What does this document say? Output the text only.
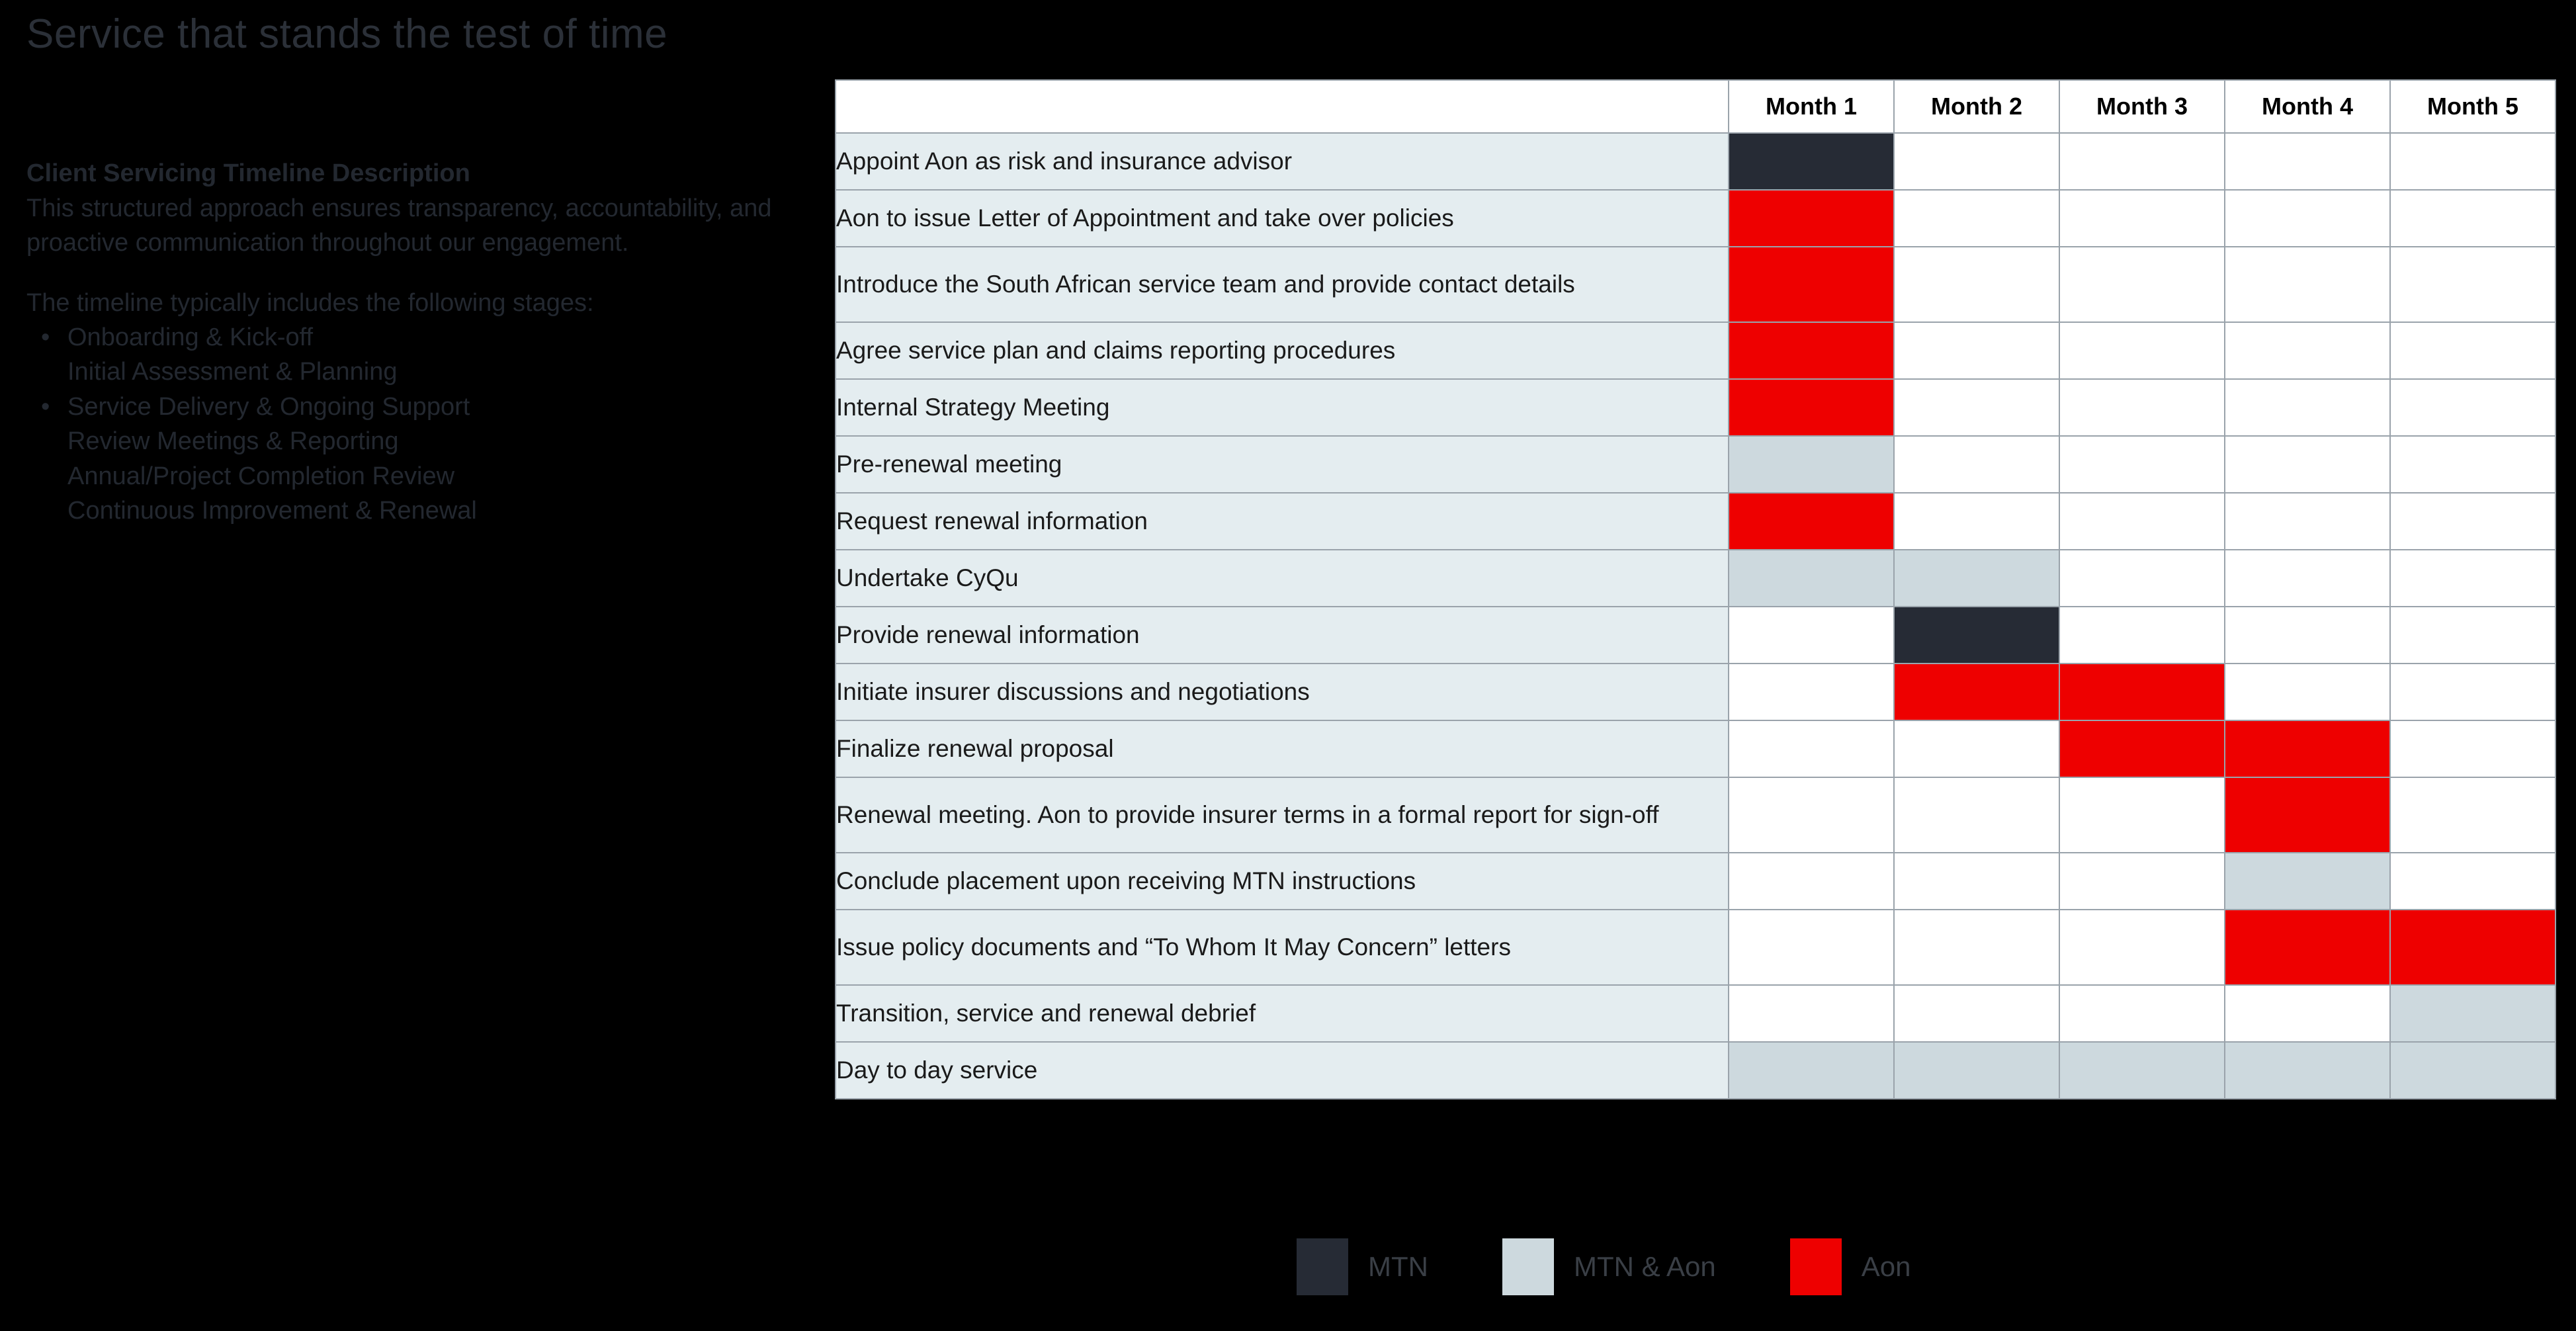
Service that stands the test of time
Client Servicing Timeline Description
This structured approach ensures transparency, accountability, and proactive communication throughout our engagement.
The timeline typically includes the following stages:
• Onboarding & Kick-off
Initial Assessment & Planning
• Service Delivery & Ongoing Support
Review Meetings & Reporting
Annual/Project Completion Review
Continuous Improvement & Renewal
	Month 1	Month 2	Month 3	Month 4	Month 5
Appoint Aon as risk and insurance advisor					
Aon to issue Letter of Appointment and take over policies					
Introduce the South African service team and provide contact details					
Agree service plan and claims reporting procedures					
Internal Strategy Meeting					
Pre-renewal meeting					
Request renewal information					
Undertake CyQu					
Provide renewal information					
Initiate insurer discussions and negotiations					
Finalize renewal proposal					
Renewal meeting. Aon to provide insurer terms in a formal report for sign-off					
Conclude placement upon receiving MTN instructions					
Issue policy documents and “To Whom It May Concern” letters					
Transition, service and renewal debrief					
Day to day service					
MTN	MTN & Aon	Aon
